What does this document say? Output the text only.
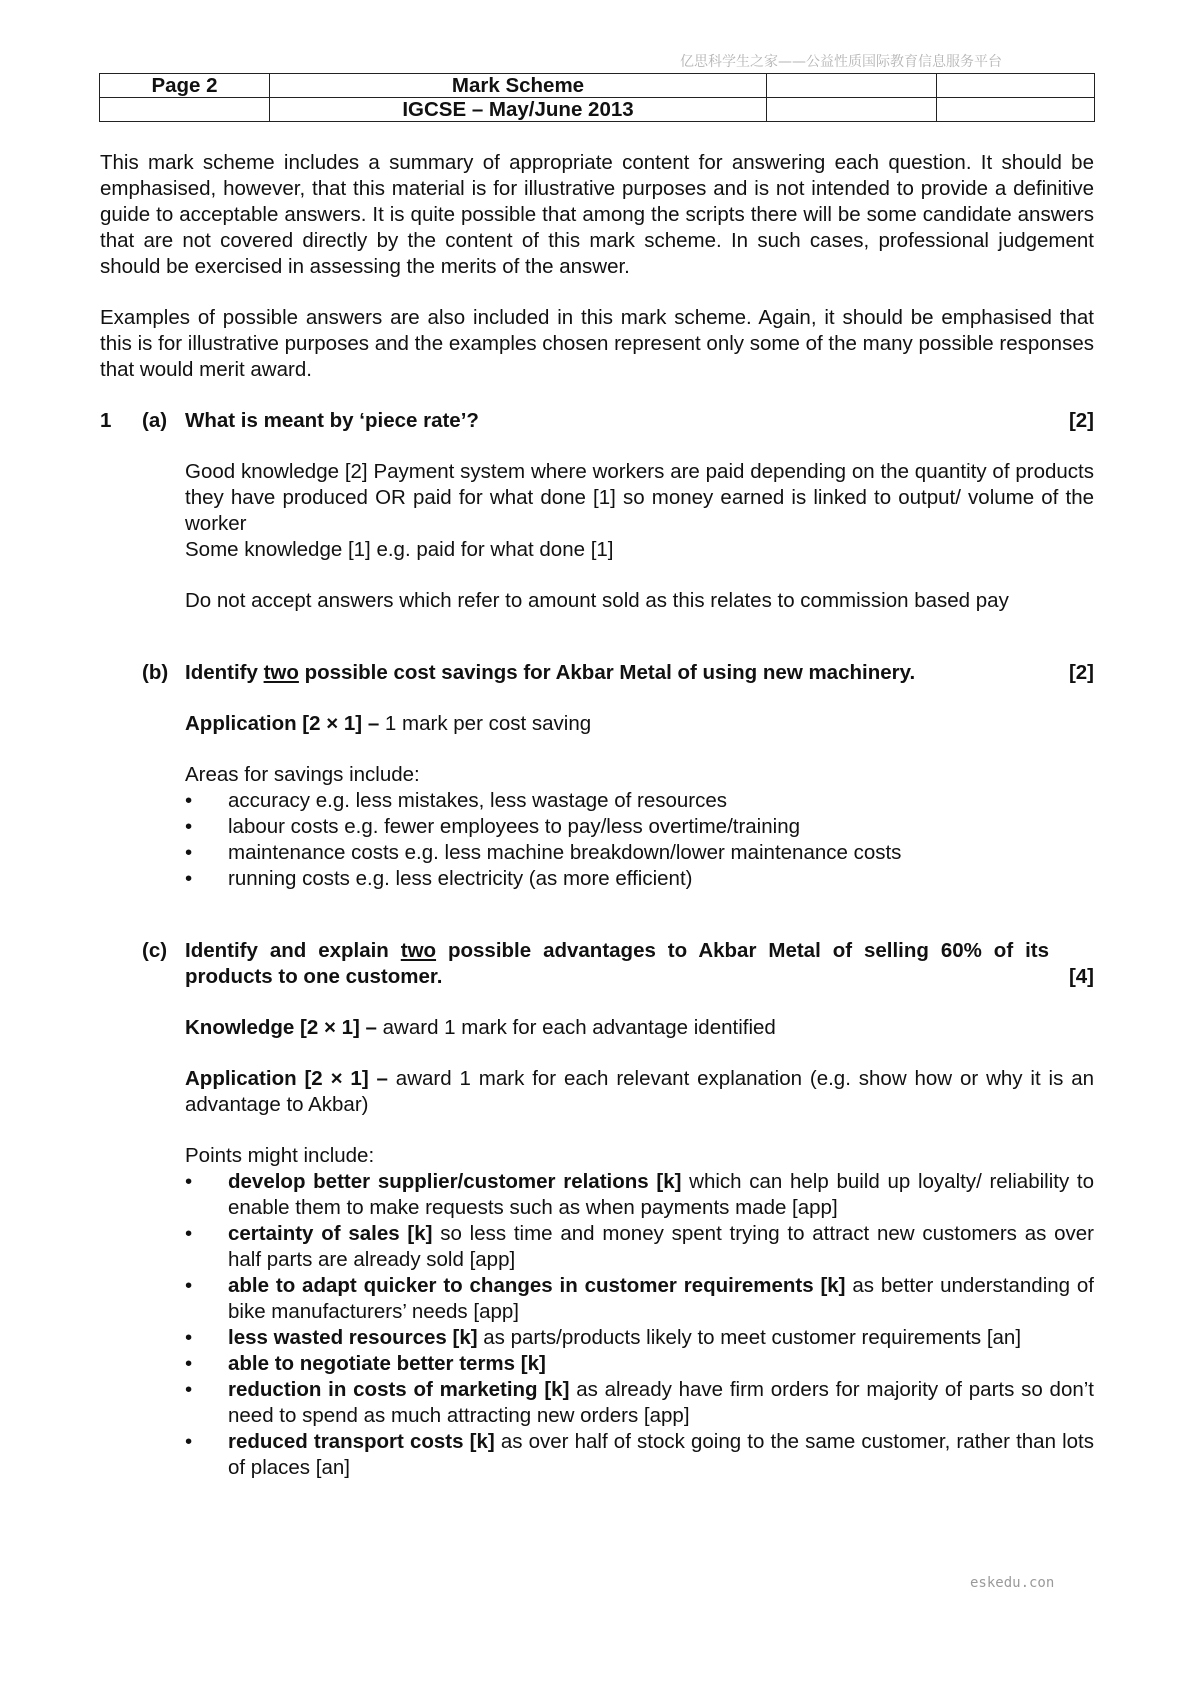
亿思科学生之家——公益性质国际教育信息服务平台
Page 2	Mark Scheme		
	IGCSE – May/June 2013		

This mark scheme includes a summary of appropriate content for answering each question. It should be emphasised, however, that this material is for illustrative purposes and is not intended to provide a definitive guide to acceptable answers. It is quite possible that among the scripts there will be some candidate answers that are not covered directly by the content of this mark scheme. In such cases, professional judgement should be exercised in assessing the merits of the answer.

Examples of possible answers are also included in this mark scheme. Again, it should be emphasised that this is for illustrative purposes and the examples chosen represent only some of the many possible responses that would merit award.

1 (a) What is meant by ‘piece rate’?	[2]

Good knowledge [2] Payment system where workers are paid depending on the quantity of products they have produced OR paid for what done [1] so money earned is linked to output/ volume of the worker

Some knowledge [1] e.g. paid for what done [1]

Do not accept answers which refer to amount sold as this relates to commission based pay

(b) Identify two possible cost savings for Akbar Metal of using new machinery.	[2]

Application [2 × 1] – 1 mark per cost saving

Areas for savings include:

• accuracy e.g. less mistakes, less wastage of resources
• labour costs e.g. fewer employees to pay/less overtime/training
• maintenance costs e.g. less machine breakdown/lower maintenance costs
• running costs e.g. less electricity (as more efficient)
(c) Identify and explain two possible advantages to Akbar Metal of selling 60% of its products to one customer.	[4]

Knowledge [2 × 1] – award 1 mark for each advantage identified

Application [2 × 1] – award 1 mark for each relevant explanation (e.g. show how or why it is an advantage to Akbar)

Points might include:

• develop better supplier/customer relations [k] which can help build up loyalty/ reliability to enable them to make requests such as when payments made [app]
• certainty of sales [k] so less time and money spent trying to attract new customers as over half parts are already sold [app]
• able to adapt quicker to changes in customer requirements [k] as better understanding of bike manufacturers’ needs [app]
• less wasted resources [k] as parts/products likely to meet customer requirements [an]
• able to negotiate better terms [k]
• reduction in costs of marketing [k] as already have firm orders for majority of parts so don’t need to spend as much attracting new orders [app]
• reduced transport costs [k] as over half of stock going to the same customer, rather than lots of places [an]
eskedu.con
